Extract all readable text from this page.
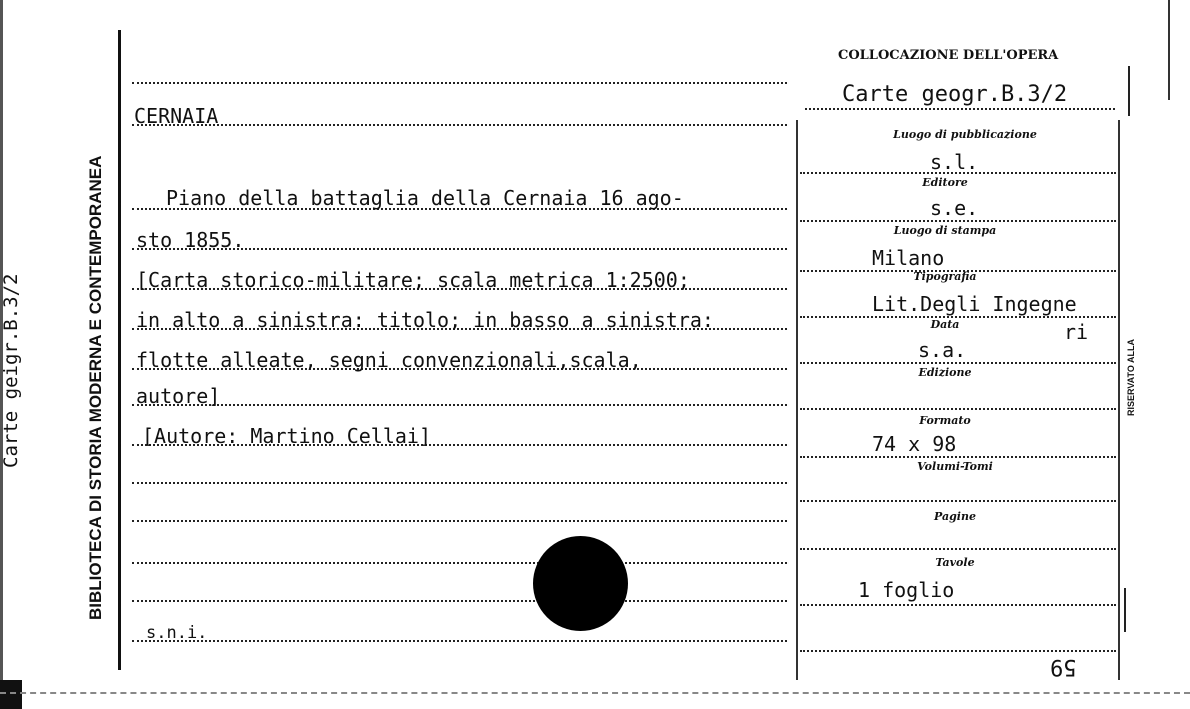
Carte geigr.B.3/2	BIBLIOTECA DI STORIA MODERNA E CONTEMPORANEA
COLLOCAZIONE DELL'OPERA
Carte geogr.B.3/2
CERNAIA
Piano della battaglia della Cernaia 16 ago-
sto 1855.
[Carta storico-militare; scala metrica 1:2500;
in alto a sinistra: titolo; in basso a sinistra:
flotte alleate, segni convenzionali,scala,
autore]
[Autore: Martino Cellai]
s.n.i.
Luogo di pubblicazione
s.l.
Editore
s.e.
Luogo di stampa
Milano
Tipografia
Lit.Degli Ingegne
ri
Data
s.a.
Edizione
Formato
74 x 98
Volumi-Tomi
Pagine
Tavole
1 foglio
RISERVATO ALLA
59
